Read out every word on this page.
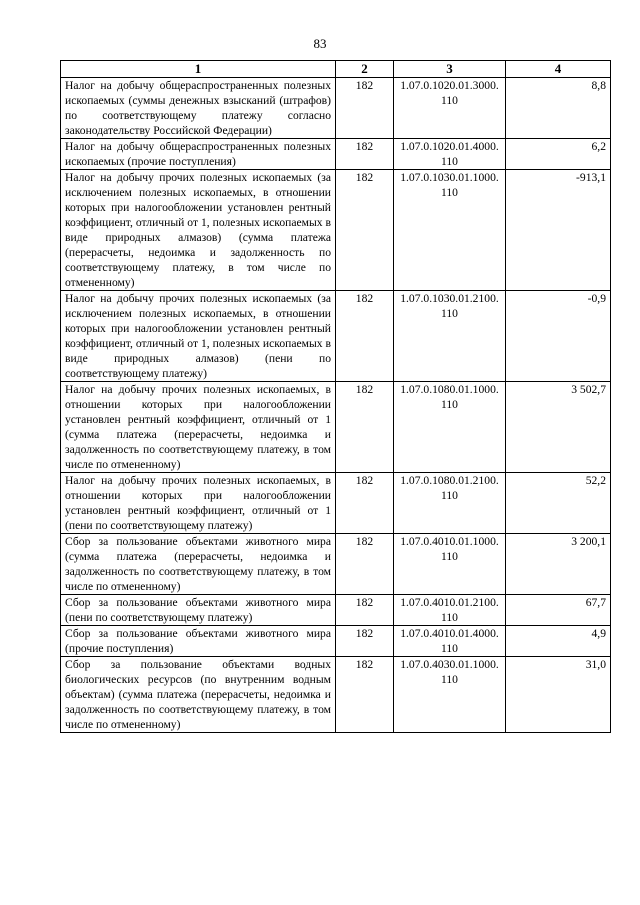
83
1	2	3	4
Налог на добычу общераспространенных полезных ископаемых (суммы денежных взысканий (штрафов) по соответствующему платежу согласно законодательству Российской Федерации)	182	1.07.0.1020.01.3000. 110	8,8
Налог на добычу общераспространенных полезных ископаемых (прочие поступления)	182	1.07.0.1020.01.4000. 110	6,2
Налог на добычу прочих полезных ископаемых (за исключением полезных ископаемых, в отношении которых при налогообложении установлен рентный коэффициент, отличный от 1, полезных ископаемых в виде природных алмазов) (сумма платежа (перерасчеты, недоимка и задолженность по соответствующему платежу, в том числе по отмененному)	182	1.07.0.1030.01.1000. 110	-913,1
Налог на добычу прочих полезных ископаемых (за исключением полезных ископаемых, в отношении которых при налогообложении установлен рентный коэффициент, отличный от 1, полезных ископаемых в виде природных алмазов) (пени по соответствующему платежу)	182	1.07.0.1030.01.2100. 110	-0,9
Налог на добычу прочих полезных ископаемых, в отношении которых при налогообложении установлен рентный коэффициент, отличный от 1 (сумма платежа (перерасчеты, недоимка и задолженность по соответствующему платежу, в том числе по отмененному)	182	1.07.0.1080.01.1000. 110	3 502,7
Налог на добычу прочих полезных ископаемых, в отношении которых при налогообложении установлен рентный коэффициент, отличный от 1 (пени по соответствующему платежу)	182	1.07.0.1080.01.2100. 110	52,2
Сбор за пользование объектами животного мира (сумма платежа (перерасчеты, недоимка и задолженность по соответствующему платежу, в том числе по отмененному)	182	1.07.0.4010.01.1000. 110	3 200,1
Сбор за пользование объектами животного мира (пени по соответствующему платежу)	182	1.07.0.4010.01.2100. 110	67,7
Сбор за пользование объектами животного мира (прочие поступления)	182	1.07.0.4010.01.4000. 110	4,9
Сбор за пользование объектами водных биологических ресурсов (по внутренним водным объектам) (сумма платежа (перерасчеты, недоимка и задолженность по соответствующему платежу, в том числе по отмененному)	182	1.07.0.4030.01.1000. 110	31,0
